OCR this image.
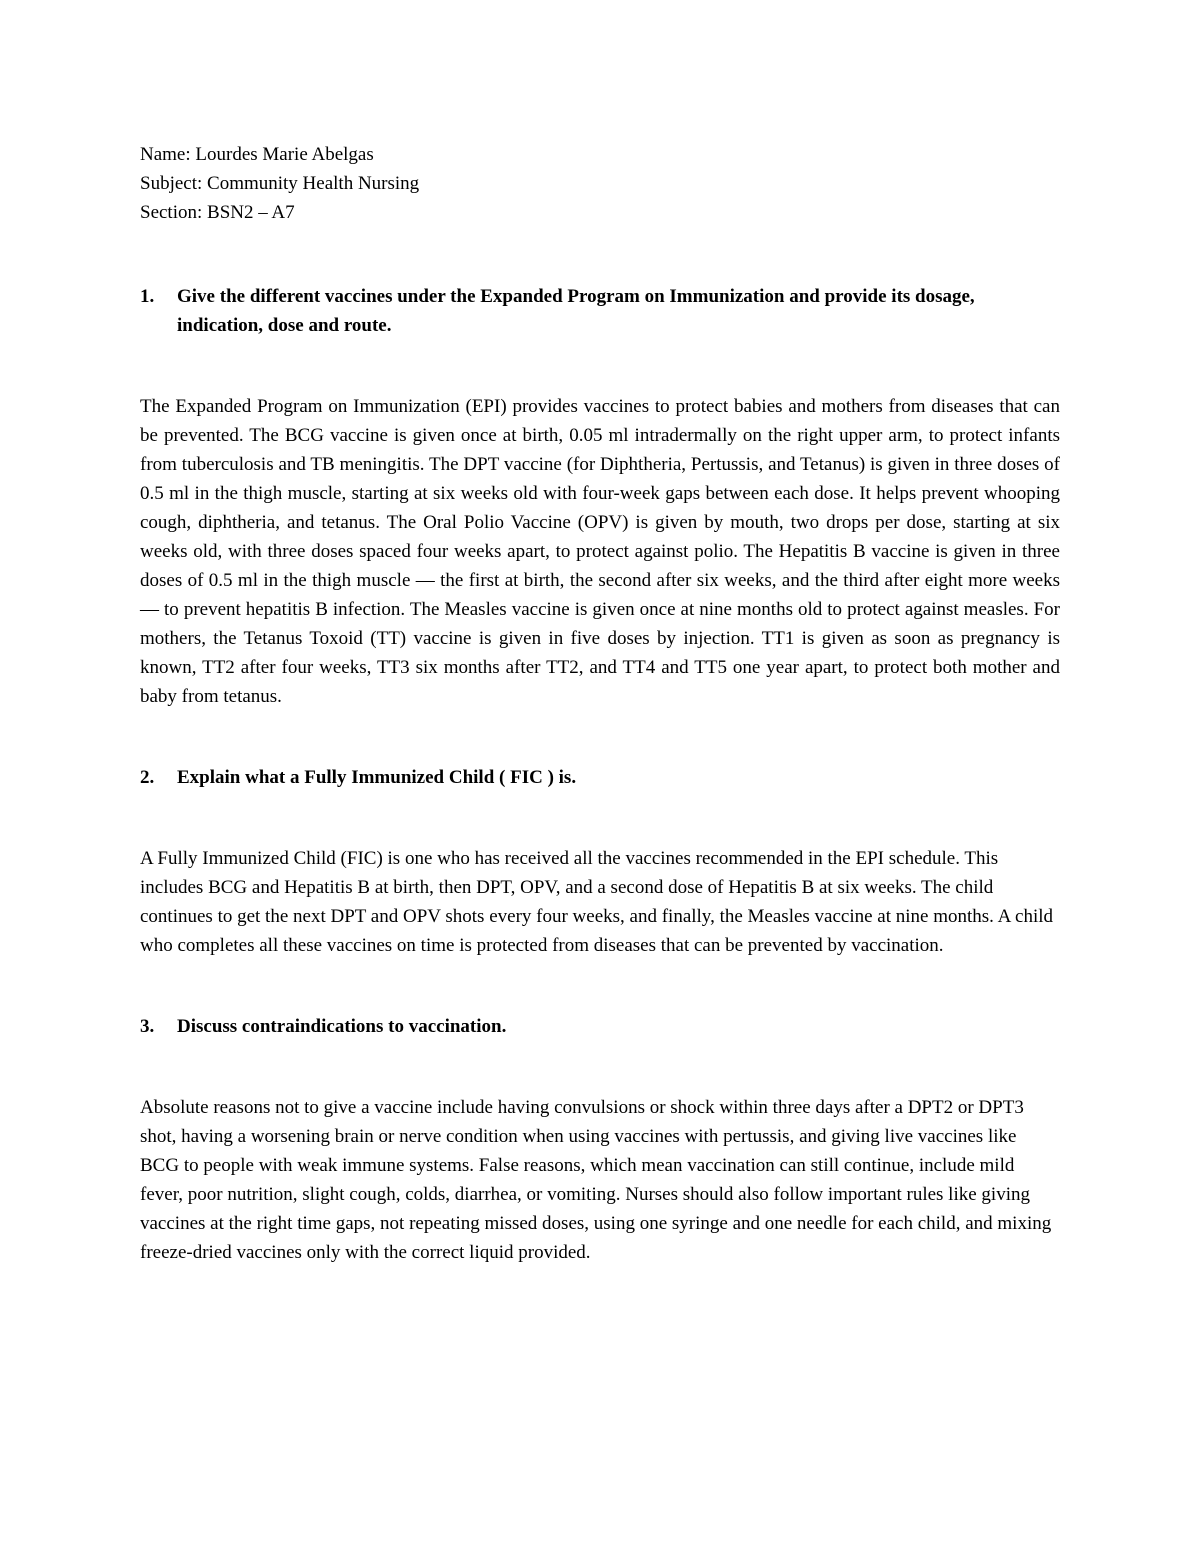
Name: Lourdes Marie Abelgas
Subject: Community Health Nursing
Section: BSN2 – A7
1. Give the different vaccines under the Expanded Program on Immunization and provide its dosage, indication, dose and route.
The Expanded Program on Immunization (EPI) provides vaccines to protect babies and mothers from diseases that can be prevented. The BCG vaccine is given once at birth, 0.05 ml intradermally on the right upper arm, to protect infants from tuberculosis and TB meningitis. The DPT vaccine (for Diphtheria, Pertussis, and Tetanus) is given in three doses of 0.5 ml in the thigh muscle, starting at six weeks old with four-week gaps between each dose. It helps prevent whooping cough, diphtheria, and tetanus. The Oral Polio Vaccine (OPV) is given by mouth, two drops per dose, starting at six weeks old, with three doses spaced four weeks apart, to protect against polio. The Hepatitis B vaccine is given in three doses of 0.5 ml in the thigh muscle — the first at birth, the second after six weeks, and the third after eight more weeks — to prevent hepatitis B infection. The Measles vaccine is given once at nine months old to protect against measles. For mothers, the Tetanus Toxoid (TT) vaccine is given in five doses by injection. TT1 is given as soon as pregnancy is known, TT2 after four weeks, TT3 six months after TT2, and TT4 and TT5 one year apart, to protect both mother and baby from tetanus.
2. Explain what a Fully Immunized Child ( FIC ) is.
A Fully Immunized Child (FIC) is one who has received all the vaccines recommended in the EPI schedule. This includes BCG and Hepatitis B at birth, then DPT, OPV, and a second dose of Hepatitis B at six weeks. The child continues to get the next DPT and OPV shots every four weeks, and finally, the Measles vaccine at nine months. A child who completes all these vaccines on time is protected from diseases that can be prevented by vaccination.
3. Discuss contraindications to vaccination.
Absolute reasons not to give a vaccine include having convulsions or shock within three days after a DPT2 or DPT3 shot, having a worsening brain or nerve condition when using vaccines with pertussis, and giving live vaccines like BCG to people with weak immune systems. False reasons, which mean vaccination can still continue, include mild fever, poor nutrition, slight cough, colds, diarrhea, or vomiting. Nurses should also follow important rules like giving vaccines at the right time gaps, not repeating missed doses, using one syringe and one needle for each child, and mixing freeze-dried vaccines only with the correct liquid provided.
